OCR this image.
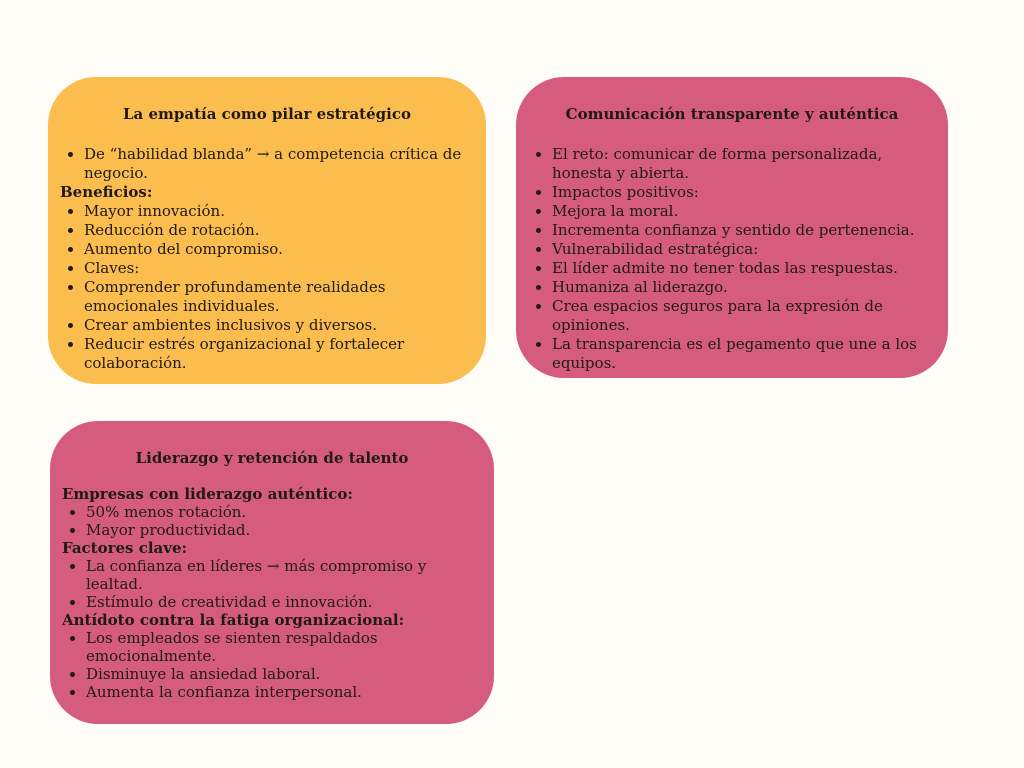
La empatía como pilar estratégico
• De “habilidad blanda” → a competencia crítica de negocio.
Beneficios:
• Mayor innovación.
• Reducción de rotación.
• Aumento del compromiso.
• Claves:
• Comprender profundamente realidades emocionales individuales.
• Crear ambientes inclusivos y diversos.
• Reducir estrés organizacional y fortalecer colaboración.
Comunicación transparente y auténtica
• El reto: comunicar de forma personalizada, honesta y abierta.
• Impactos positivos:
• Mejora la moral.
• Incrementa confianza y sentido de pertenencia.
• Vulnerabilidad estratégica:
• El líder admite no tener todas las respuestas.
• Humaniza al liderazgo.
• Crea espacios seguros para la expresión de opiniones.
• La transparencia es el pegamento que une a los equipos.
Liderazgo y retención de talento
Empresas con liderazgo auténtico:
• 50% menos rotación.
• Mayor productividad.
Factores clave:
• La confianza en líderes → más compromiso y lealtad.
• Estímulo de creatividad e innovación.
Antídoto contra la fatiga organizacional:
• Los empleados se sienten respaldados emocionalmente.
• Disminuye la ansiedad laboral.
• Aumenta la confianza interpersonal.
